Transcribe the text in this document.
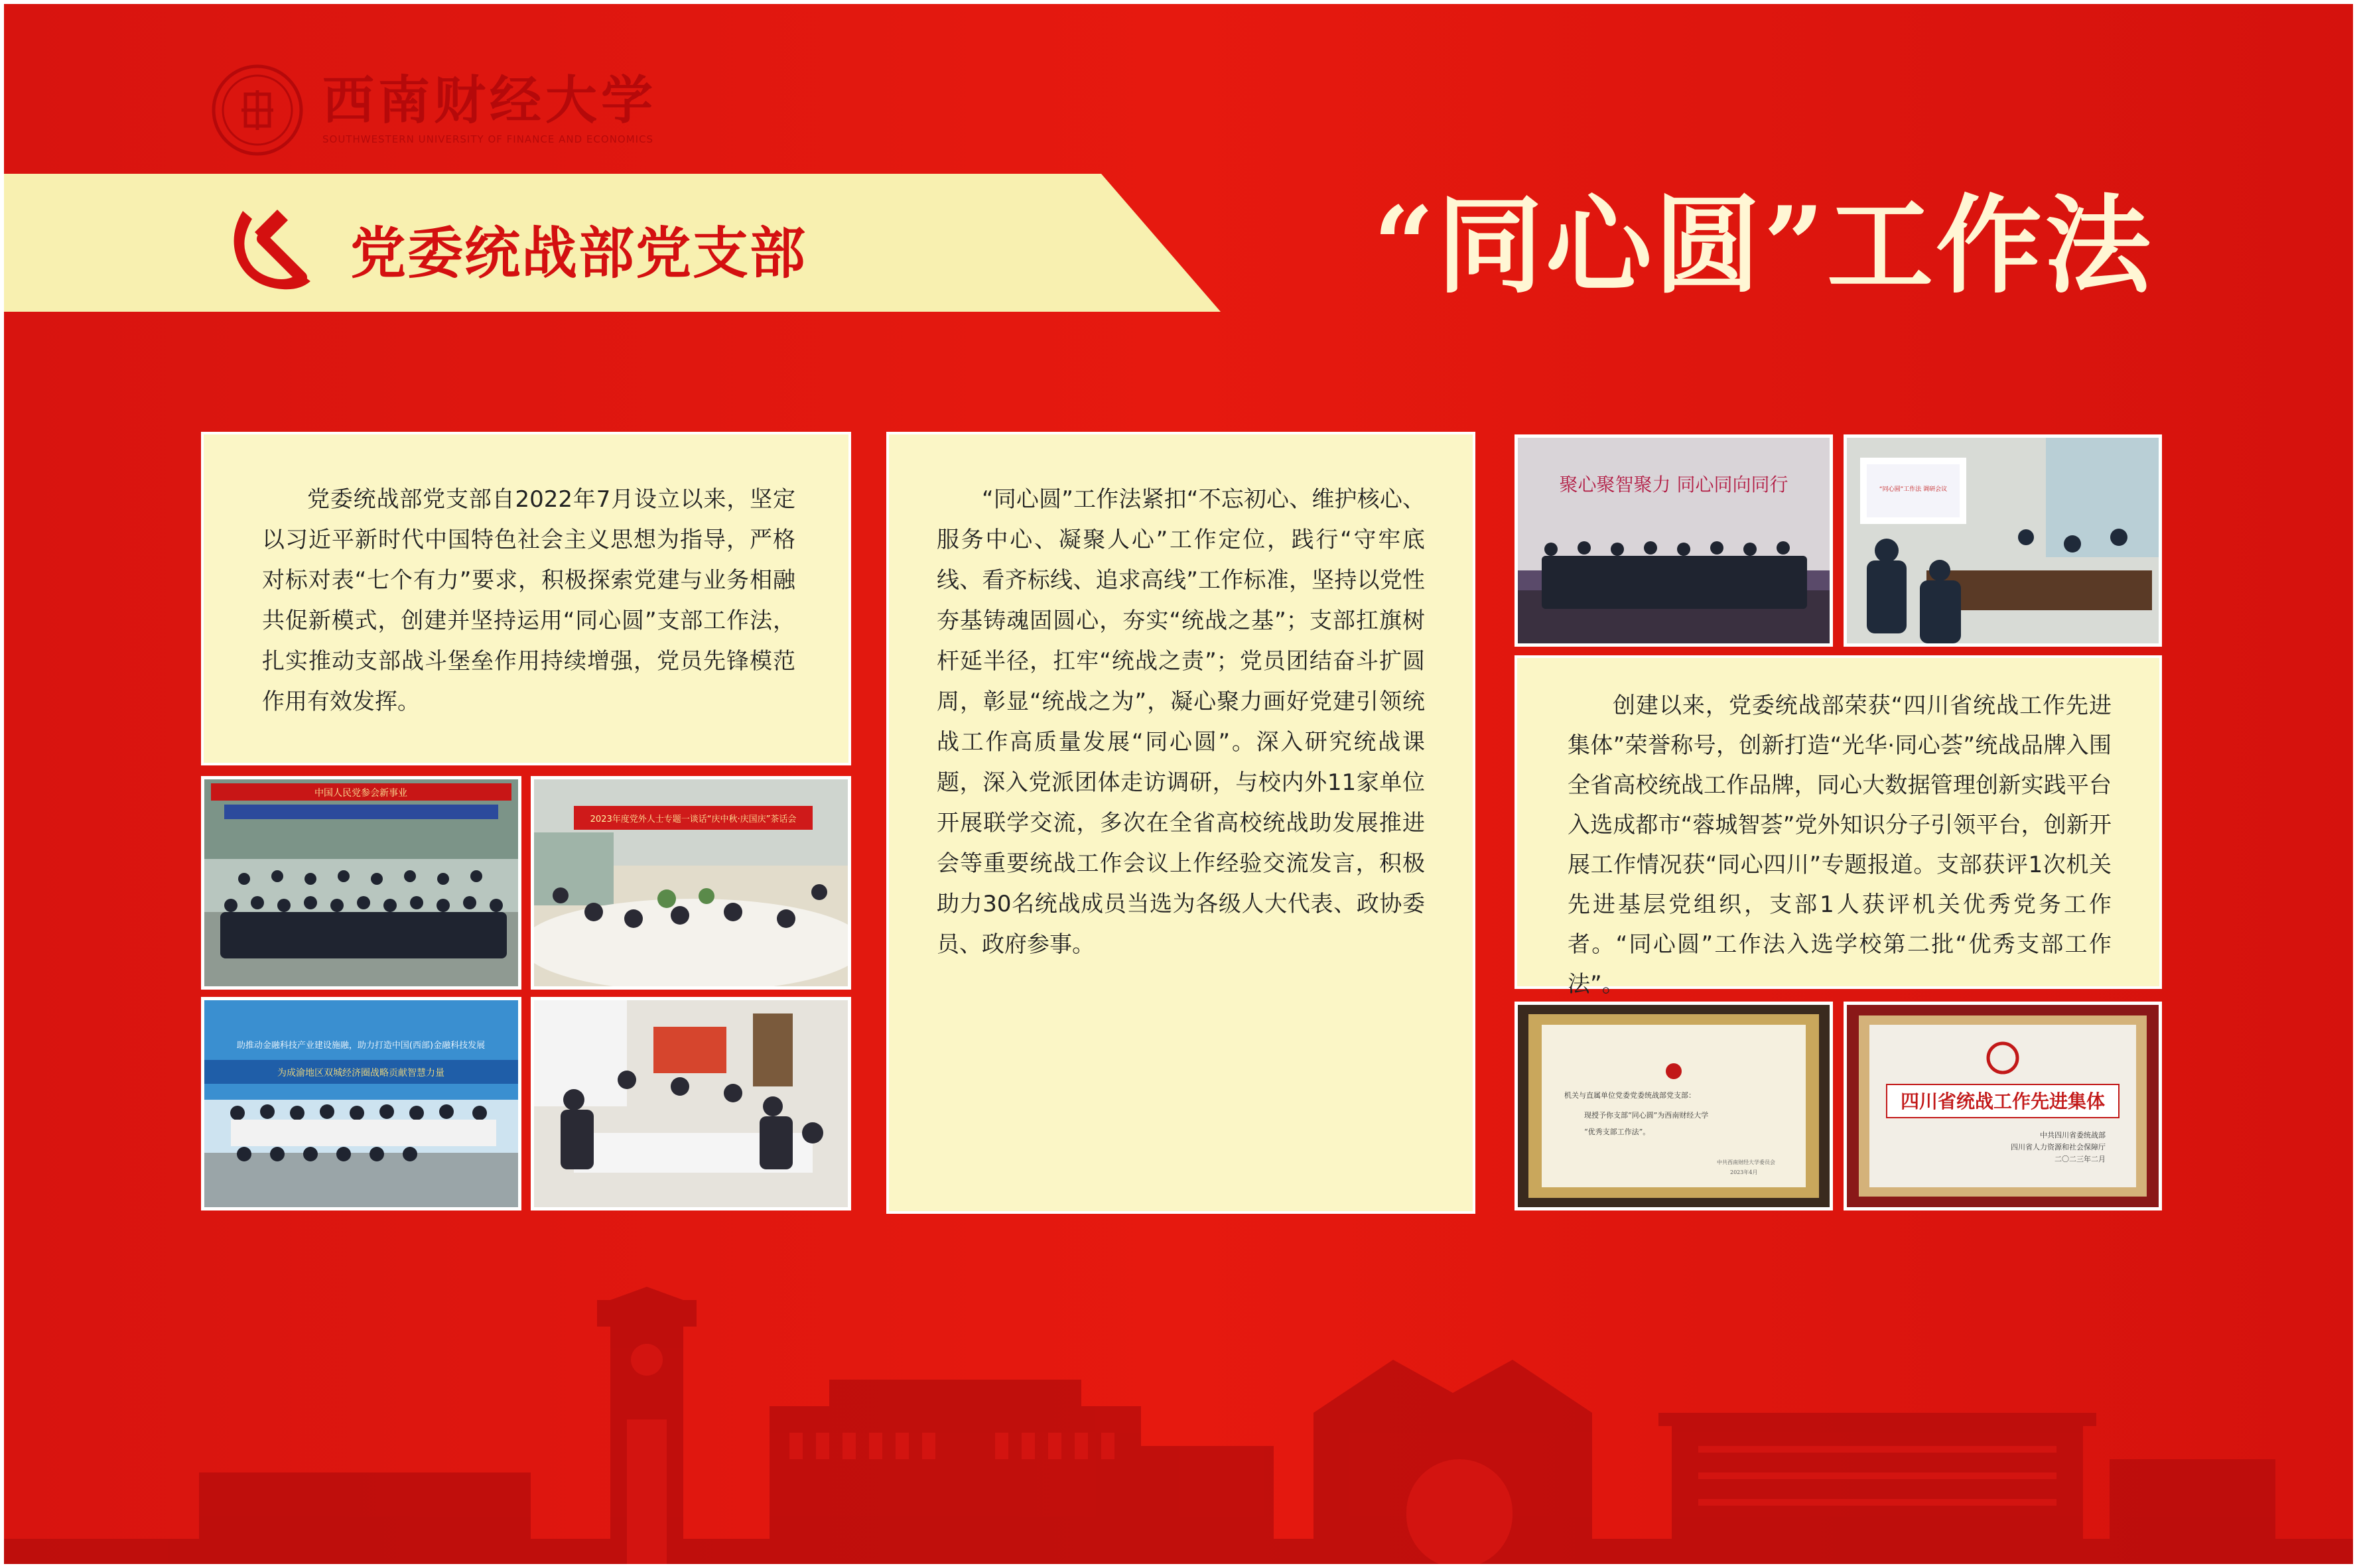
西南财经大学
SOUTHWESTERN UNIVERSITY OF FINANCE AND ECONOMICS
党委统战部党支部	“同心圆”工作法

党委统战部党支部自2022年7月设立以来，坚定以习近平新时代中国特色社会主义思想为指导，严格对标对表“七个有力”要求，积极探索党建与业务相融共促新模式，创建并坚持运用“同心圆”支部工作法，扎实推动支部战斗堡垒作用持续增强，党员先锋模范作用有效发挥。

“同心圆”工作法紧扣“不忘初心、维护核心、服务中心、凝聚人心”工作定位，践行“守牢底线、看齐标线、追求高线”工作标准，坚持以党性夯基铸魂固圆心，夯实“统战之基”；支部扛旗树杆延半径，扛牢“统战之责”；党员团结奋斗扩圆周，彰显“统战之为”，凝心聚力画好党建引领统战工作高质量发展“同心圆”。深入研究统战课题，深入党派团体走访调研，与校内外11家单位开展联学交流，多次在全省高校统战助发展推进会等重要统战工作会议上作经验交流发言，积极助力30名统战成员当选为各级人大代表、政协委员、政府参事。

创建以来，党委统战部荣获“四川省统战工作先进集体”荣誉称号，创新打造“光华·同心荟”统战品牌入围全省高校统战工作品牌，同心大数据管理创新实践平台入选成都市“蓉城智荟”党外知识分子引领平台，创新开展工作情况获“同心四川”专题报道。支部获评1次机关先进基层党组织，支部1人获评机关优秀党务工作者。“同心圆”工作法入选学校第二批“优秀支部工作法”。

中国人民党参会新事业
2023年度党外人士专题一谈话“庆中秋·庆国庆”茶话会
助推动金融科技产业建设施融，助力打造中国(西部)金融科技发展
为成渝地区双城经济圈战略贡献智慧力量
聚心聚智聚力 同心同向同行	“同心圆”工作法 调研会议
机关与直属单位党委党委统战部党支部：
现授予你支部“同心圆”为西南财经大学
“优秀支部工作法”。
中共西南财经大学委员会
2023年4月
四川省统战工作先进集体
中共四川省委统战部
四川省人力资源和社会保障厅
二〇二三年二月
